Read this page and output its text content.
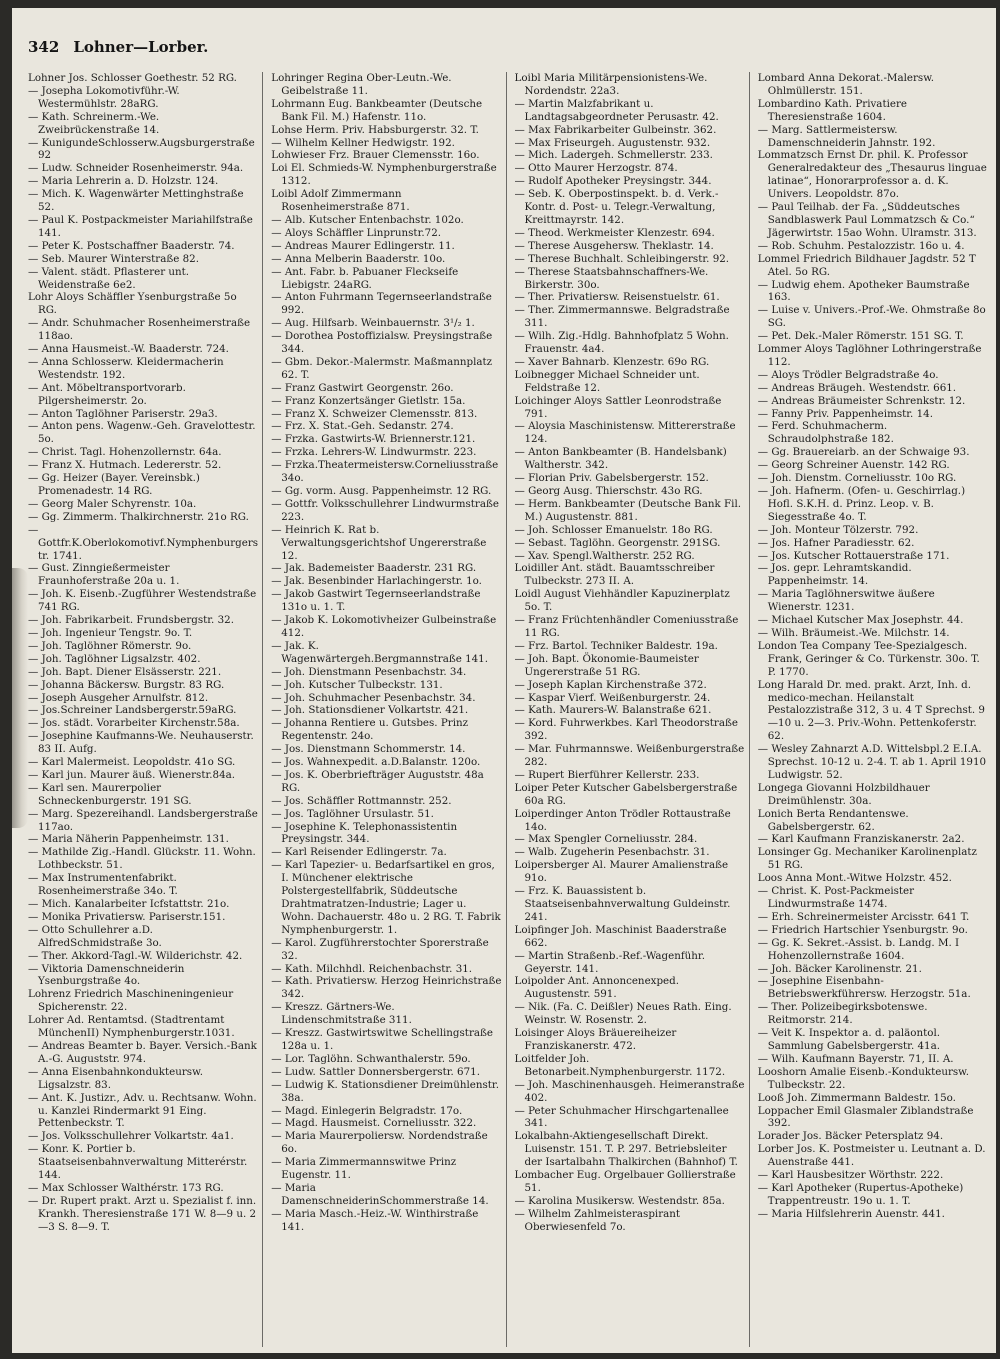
342 Lohner—Lorber.
Lohner Jos. Schlosser Goethestr. 52 RG.
— Josepha Lokomotivführ.-W. Westermühlstr. 28aRG.
— Kath. Schreinerm.-We. Zweibrückenstraße 14.
— KunigundeSchlosserw.Augsburgerstraße 92
— Ludw. Schneider Rosenheimerstr. 94a.
— Maria Lehrerin a. D. Holzstr. 124.
— Mich. K. Wagenwärter Mettinghstraße 52.
— Paul K. Postpackmeister Mariahilfstraße 141.
— Peter K. Postschaffner Baaderstr. 74.
— Seb. Maurer Winterstraße 82.
— Valent. städt. Pflasterer unt. Weidenstraße 6e2.
Lohr Aloys Schäffler Ysenburgstraße 5o RG.
— Andr. Schuhmacher Rosenheimerstraße 118ao.
— Anna Hausmeist.-W. Baaderstr. 724.
— Anna Schlosserw. Kleidermacherin Westendstr. 192.
— Ant. Möbeltransportvorarb. Pilgersheimerstr. 2o.
— Anton Taglöhner Pariserstr. 29a3.
— Anton pens. Wagenw.-Geh. Gravelottestr. 5o.
— Christ. Tagl. Hohenzollernstr. 64a.
— Franz X. Hutmach. Ledererstr. 52.
— Gg. Heizer (Bayer. Vereinsbk.) Promenadestr. 14 RG.
— Georg Maler Schyrenstr. 10a.
— Gg. Zimmerm. Thalkirchnerstr. 21o RG.
— Gottfr.K.Oberlokomotivf.Nymphenburgerstr. 1741.
— Gust. Zinngießermeister Fraunhoferstraße 20a u. 1.
— Joh. K. Eisenb.-Zugführer Westendstraße 741 RG.
— Joh. Fabrikarbeit. Frundsbergstr. 32.
— Joh. Ingenieur Tengstr. 9o. T.
— Joh. Taglöhner Römerstr. 9o.
— Joh. Taglöhner Ligsalzstr. 402.
— Joh. Bapt. Diener Elsässerstr. 221.
— Johanna Bäckersw. Burgstr. 83 RG.
— Joseph Ausgeher Arnulfstr. 812.
— Jos.Schreiner Landsbergerstr.59aRG.
— Jos. städt. Vorarbeiter Kirchenstr.58a.
— Josephine Kaufmanns-We. Neuhauserstr. 83 II. Aufg.
— Karl Malermeist. Leopoldstr. 41o SG.
— Karl jun. Maurer äuß. Wienerstr.84a.
— Karl sen. Maurerpolier Schneckenburgerstr. 191 SG.
— Marg. Spezereihandl. Landsbergerstraße 117ao.
— Maria Näherin Pappenheimstr. 131.
— Mathilde Zig.-Handl. Glückstr. 11. Wohn. Lothbeckstr. 51.
— Max Instrumentenfabrikt. Rosenheimerstraße 34o. T.
— Mich. Kanalarbeiter Icfstattstr. 21o.
— Monika Privatiersw. Pariserstr.151.
— Otto Schullehrer a.D. AlfredSchmidstraße 3o.
— Ther. Akkord-Tagl.-W. Wilderichstr. 42.
— Viktoria Damenschneiderin Ysenburgstraße 4o.
Lohrenz Friedrich Maschineningenieur Spicherenstr. 22.
Lohrer Ad. Rentamtsd. (Stadtrentamt MünchenII) Nymphenburgerstr.1031.
— Andreas Beamter b. Bayer. Versich.-Bank A.-G. Auguststr. 974.
— Anna Eisenbahnkondukteursw. Ligsalzstr. 83.
— Ant. K. Justizr., Adv. u. Rechtsanw. Wohn. u. Kanzlei Rindermarkt 91 Eing. Pettenbeckstr. T.
— Jos. Volksschullehrer Volkartstr. 4a1.
— Konr. K. Portier b. Staatseisenbahnverwaltung Mitterérstr. 144.
— Max Schlosser Walthérstr. 173 RG.
— Dr. Rupert prakt. Arzt u. Spezialist f. inn. Krankh. Theresienstraße 171 W. 8—9 u. 2—3 S. 8—9. T.
Lohringer Regina Ober-Leutn.-We. Geibelstraße 11.
Lohrmann Eug. Bankbeamter (Deutsche Bank Fil. M.) Hafenstr. 11o.
Lohse Herm. Priv. Habsburgerstr. 32. T.
— Wilhelm Kellner Hedwigstr. 192.
Lohwieser Frz. Brauer Clemensstr. 16o.
Loi El. Schmieds-W. Nymphenburgerstraße 1312.
Loibl Adolf Zimmermann Rosenheimerstraße 871.
— Alb. Kutscher Entenbachstr. 102o.
— Aloys Schäffler Linprunstr.72.
— Andreas Maurer Edlingerstr. 11.
— Anna Melberin Baaderstr. 10o.
— Ant. Fabr. b. Pabuaner Fleckseife Liebigstr. 24aRG.
— Anton Fuhrmann Tegernseerlandstraße 992.
— Aug. Hilfsarb. Weinbauernstr. 3¹/₂ 1.
— Dorothea Postoffizialsw. Preysingstraße 344.
— Gbm. Dekor.-Malermstr. Maßmannplatz 62. T.
— Franz Gastwirt Georgenstr. 26o.
— Franz Konzertsänger Gietlstr. 15a.
— Franz X. Schweizer Clemensstr. 813.
— Frz. X. Stat.-Geh. Sedanstr. 274.
— Frzka. Gastwirts-W. Briennerstr.121.
— Frzka. Lehrers-W. Lindwurmstr. 223.
— Frzka.Theatermeistersw.Corneliusstraße 34o.
— Gg. vorm. Ausg. Pappenheimstr. 12 RG.
— Gottfr. Volksschullehrer Lindwurmstraße 223.
— Heinrich K. Rat b. Verwaltungsgerichtshof Ungererstraße 12.
— Jak. Bademeister Baaderstr. 231 RG.
— Jak. Besenbinder Harlachingerstr. 1o.
— Jakob Gastwirt Tegernseerlandstraße 131o u. 1. T.
— Jakob K. Lokomotivheizer Gulbeinstraße 412.
— Jak. K. Wagenwärtergeh.Bergmannstraße 141.
— Joh. Dienstmann Pesenbachstr. 34.
— Joh. Kutscher Tulbeckstr. 131.
— Joh. Schuhmacher Pesenbachstr. 34.
— Joh. Stationsdiener Volkartstr. 421.
— Johanna Rentiere u. Gutsbes. Prinz Regentenstr. 24o.
— Jos. Dienstmann Schommerstr. 14.
— Jos. Wahnexpedit. a.D.Balanstr. 120o.
— Jos. K. Oberbriefträger Auguststr. 48a RG.
— Jos. Schäffler Rottmannstr. 252.
— Jos. Taglöhner Ursulastr. 51.
— Josephine K. Telephonassistentin Preysingstr. 344.
— Karl Reisender Edlingerstr. 7a.
— Karl Tapezier- u. Bedarfsartikel en gros, I. Münchener elektrische Polstergestellfabrik, Süddeutsche Drahtmatratzen-Industrie; Lager u. Wohn. Dachauerstr. 48o u. 2 RG. T. Fabrik Nymphenburgerstr. 1.
— Karol. Zugführerstochter Sporerstraße 32.
— Kath. Milchhdl. Reichenbachstr. 31.
— Kath. Privatiersw. Herzog Heinrichstraße 342.
— Kreszz. Gärtners-We. Lindenschmitstraße 311.
— Kreszz. Gastwirtswitwe Schellingstraße 128a u. 1.
— Lor. Taglöhn. Schwanthalerstr. 59o.
— Ludw. Sattler Donnersbergerstr. 671.
— Ludwig K. Stationsdiener Dreimühlenstr. 38a.
— Magd. Einlegerin Belgradstr. 17o.
— Magd. Hausmeist. Corneliusstr. 322.
— Maria Maurerpoliersw. Nordendstraße 6o.
— Maria Zimmermannswitwe Prinz Eugenstr. 11.
— Maria DamenschneiderinSchommerstraße 14.
— Maria Masch.-Heiz.-W. Winthirstraße 141.
Loibl Maria Militärpensionistens-We. Nordendstr. 22a3.
— Martin Malzfabrikant u. Landtagsabgeordneter Perusastr. 42.
— Max Fabrikarbeiter Gulbeinstr. 362.
— Max Friseurgeh. Augustenstr. 932.
— Mich. Ladergeh. Schmellerstr. 233.
— Otto Maurer Herzogstr. 874.
— Rudolf Apotheker Preysingstr. 344.
— Seb. K. Oberpostinspekt. b. d. Verk.-Kontr. d. Post- u. Telegr.-Verwaltung, Kreittmayrstr. 142.
— Theod. Werkmeister Klenzestr. 694.
— Therese Ausgehersw. Theklastr. 14.
— Therese Buchhalt. Schleibingerstr. 92.
— Therese Staatsbahnschaffners-We. Birkerstr. 30o.
— Ther. Privatiersw. Reisenstuelstr. 61.
— Ther. Zimmermannswe. Belgradstraße 311.
— Wilh. Zig.-Hdlg. Bahnhofplatz 5 Wohn. Frauenstr. 4a4.
— Xaver Bahnarb. Klenzestr. 69o RG.
Loibnegger Michael Schneider unt. Feldstraße 12.
Loichinger Aloys Sattler Leonrodstraße 791.
— Aloysia Maschinistensw. Mittererstraße 124.
— Anton Bankbeamter (B. Handelsbank) Waltherstr. 342.
— Florian Priv. Gabelsbergerstr. 152.
— Georg Ausg. Thierschstr. 43o RG.
— Herm. Bankbeamter (Deutsche Bank Fil. M.) Augustenstr. 881.
— Joh. Schlosser Emanuelstr. 18o RG.
— Sebast. Taglöhn. Georgenstr. 291SG.
— Xav. Spengl.Waltherstr. 252 RG.
Loidiller Ant. städt. Bauamtsschreiber Tulbeckstr. 273 II. A.
Loidl August Viehhändler Kapuzinerplatz 5o. T.
— Franz Früchtenhändler Comeniusstraße 11 RG.
— Frz. Bartol. Techniker Baldestr. 19a.
— Joh. Bapt. Ökonomie-Baumeister Ungererstraße 51 RG.
— Joseph Kaplan Kirchenstraße 372.
— Kaspar Vierf. Weißenburgerstr. 24.
— Kath. Maurers-W. Balanstraße 621.
— Kord. Fuhrwerkbes. Karl Theodorstraße 392.
— Mar. Fuhrmannswe. Weißenburgerstraße 282.
— Rupert Bierführer Kellerstr. 233.
Loiper Peter Kutscher Gabelsbergerstraße 60a RG.
Loiperdinger Anton Trödler Rottaustraße 14o.
— Max Spengler Corneliusstr. 284.
— Walb. Zugeherin Pesenbachstr. 31.
Loipersberger Al. Maurer Amalienstraße 91o.
— Frz. K. Bauassistent b. Staatseisenbahnverwaltung Guldeinstr. 241.
Loipfinger Joh. Maschinist Baaderstraße 662.
— Martin Straßenb.-Ref.-Wagenführ. Geyerstr. 141.
Loipolder Ant. Annoncenexped. Augustenstr. 591.
— Nik. (Fa. C. Deißler) Neues Rath. Eing. Weinstr. W. Rosenstr. 2.
Loisinger Aloys Bräuereiheizer Franziskanerstr. 472.
Loitfelder Joh. Betonarbeit.Nymphenburgerstr. 1172.
— Joh. Maschinenhausgeh. Heimeranstraße 402.
— Peter Schuhmacher Hirschgartenallee 341.
Lokalbahn-Aktiengesellschaft Direkt. Luisenstr. 151. T. P. 297. Betriebsleiter der Isartalbahn Thalkirchen (Bahnhof) T.
Lombacher Eug. Orgelbauer Gollierstraße 51.
— Karolina Musikersw. Westendstr. 85a.
— Wilhelm Zahlmeisteraspirant Oberwiesenfeld 7o.
Lombard Anna Dekorat.-Malersw. Ohlmüllerstr. 151.
Lombardino Kath. Privatiere Theresienstraße 1604.
— Marg. Sattlermeistersw. Damenschneiderin Jahnstr. 192.
Lommatzsch Ernst Dr. phil. K. Professor Generalredakteur des „Thesaurus linguae latinae“, Honorarprofessor a. d. K. Univers. Leopoldstr. 87o.
— Paul Teilhab. der Fa. „Süddeutsches Sandblaswerk Paul Lommatzsch & Co.“ Jägerwirtstr. 15ao Wohn. Ulramstr. 313.
— Rob. Schuhm. Pestalozzistr. 16o u. 4.
Lommel Friedrich Bildhauer Jagdstr. 52 T Atel. 5o RG.
— Ludwig ehem. Apotheker Baumstraße 163.
— Luise v. Univers.-Prof.-We. Ohmstraße 8o SG.
— Pet. Dek.-Maler Römerstr. 151 SG. T.
Lommer Aloys Taglöhner Lothringerstraße 112.
— Aloys Trödler Belgradstraße 4o.
— Andreas Bräugeh. Westendstr. 661.
— Andreas Bräumeister Schrenkstr. 12.
— Fanny Priv. Pappenheimstr. 14.
— Ferd. Schuhmacherm. Schraudolphstraße 182.
— Gg. Brauereiarb. an der Schwaige 93.
— Georg Schreiner Auenstr. 142 RG.
— Joh. Dienstm. Corneliusstr. 10o RG.
— Joh. Hafnerm. (Ofen- u. Geschirrlag.) Hofl. S.K.H. d. Prinz. Leop. v. B. Siegesstraße 4o. T.
— Joh. Monteur Tölzerstr. 792.
— Jos. Hafner Paradiesstr. 62.
— Jos. Kutscher Rottauerstraße 171.
— Jos. gepr. Lehramtskandid. Pappenheimstr. 14.
— Maria Taglöhnerswitwe äußere Wienerstr. 1231.
— Michael Kutscher Max Josephstr. 44.
— Wilh. Bräumeist.-We. Milchstr. 14.
London Tea Company Tee-Spezialgesch. Frank, Geringer & Co. Türkenstr. 30o. T. P. 1770.
Long Harald Dr. med. prakt. Arzt, Inh. d. medico-mechan. Heilanstalt Pestalozzistraße 312, 3 u. 4 T Sprechst. 9—10 u. 2—3. Priv.-Wohn. Pettenkoferstr. 62.
— Wesley Zahnarzt A.D. Wittelsbpl.2 E.I.A. Sprechst. 10-12 u. 2-4. T. ab 1. April 1910 Ludwigstr. 52.
Longega Giovanni Holzbildhauer Dreimühlenstr. 30a.
Lonich Berta Rendantenswe. Gabelsbergerstr. 62.
— Karl Kaufmann Franziskanerstr. 2a2.
Lonsinger Gg. Mechaniker Karolinenplatz 51 RG.
Loos Anna Mont.-Witwe Holzstr. 452.
— Christ. K. Post-Packmeister Lindwurmstraße 1474.
— Erh. Schreinermeister Arcisstr. 641 T.
— Friedrich Hartschier Ysenburgstr. 9o.
— Gg. K. Sekret.-Assist. b. Landg. M. I Hohenzollernstraße 1604.
— Joh. Bäcker Karolinenstr. 21.
— Josephine Eisenbahn-Betriebswerkführersw. Herzogstr. 51a.
— Ther. Polizeibegirksbotenswe. Reitmorstr. 214.
— Veit K. Inspektor a. d. paläontol. Sammlung Gabelsbergerstr. 41a.
— Wilh. Kaufmann Bayerstr. 71, II. A.
Looshorn Amalie Eisenb.-Kondukteursw. Tulbeckstr. 22.
Looß Joh. Zimmermann Baldestr. 15o.
Loppacher Emil Glasmaler Ziblandstraße 392.
Lorader Jos. Bäcker Petersplatz 94.
Lorber Jos. K. Postmeister u. Leutnant a. D. Auenstraße 441.
— Karl Hausbesitzer Wörthstr. 222.
— Karl Apotheker (Rupertus-Apotheke) Trappentreustr. 19o u. 1. T.
— Maria Hilfslehrerin Auenstr. 441.
